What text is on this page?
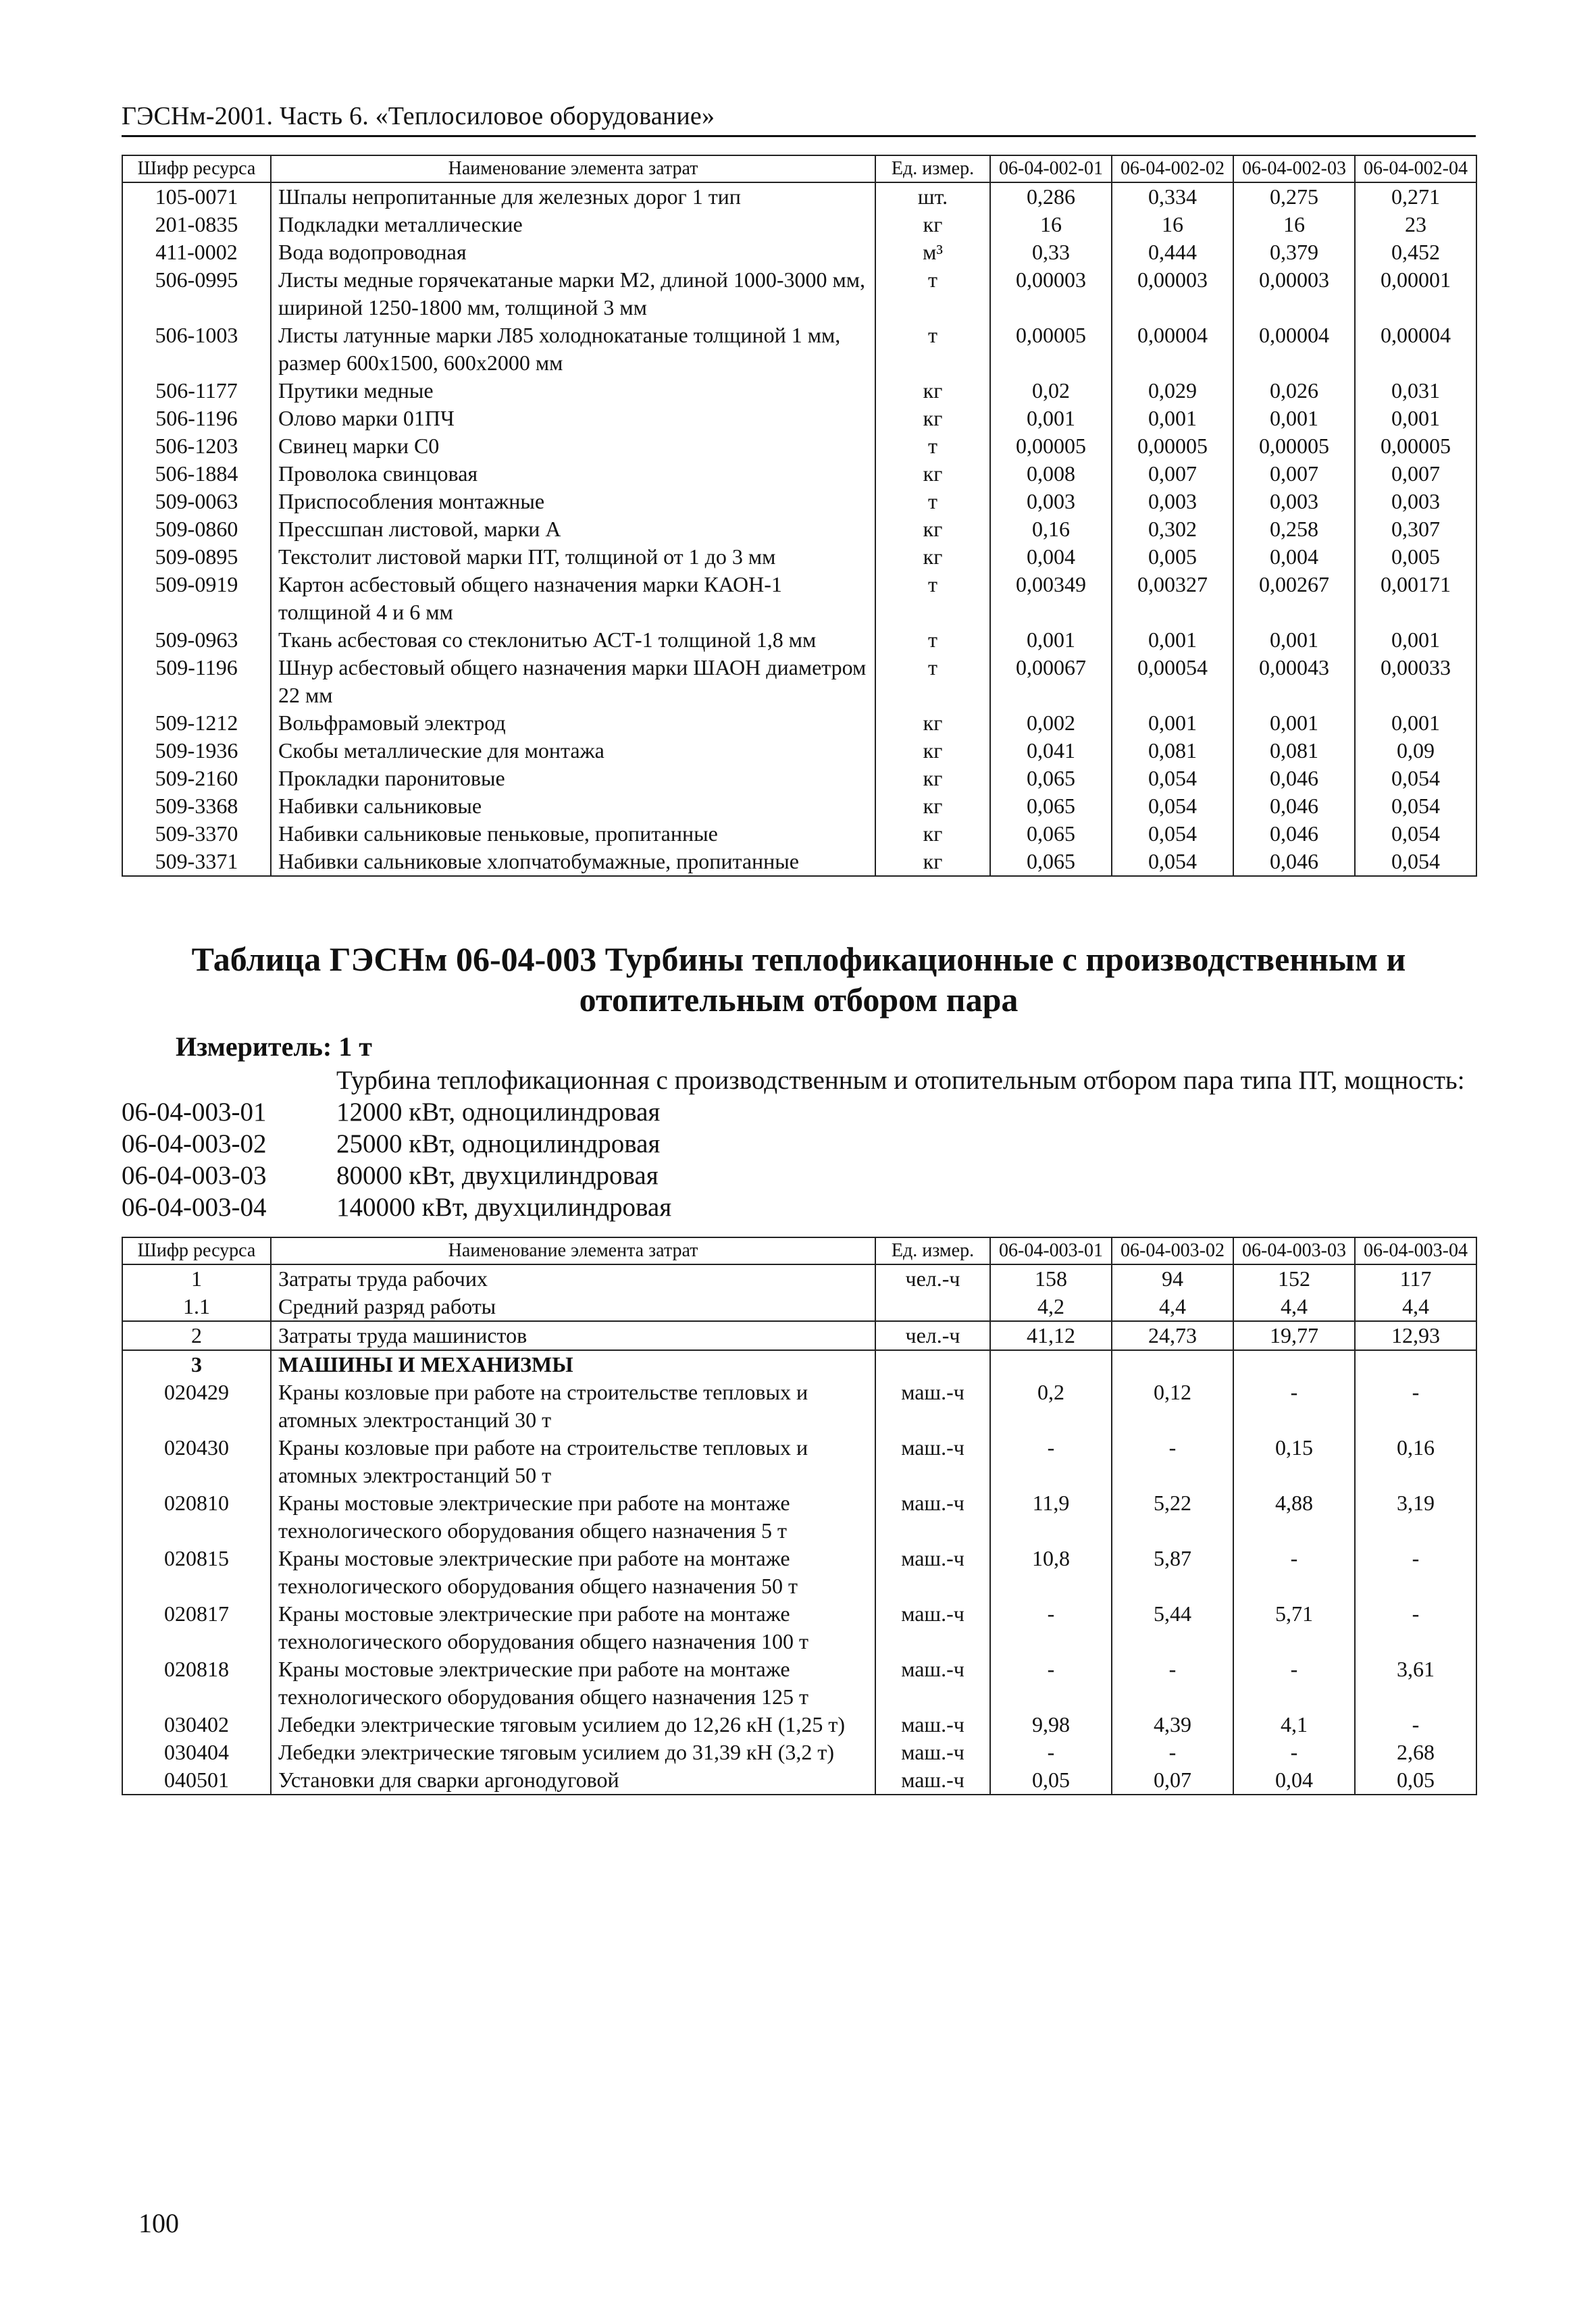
ГЭСНм-2001. Часть 6. «Теплосиловое оборудование»
Шифр ресурса	Наименование элемента затрат	Ед. измер.	06-04-002-01	06-04-002-02	06-04-002-03	06-04-002-04
105-0071	Шпалы непропитанные для железных дорог 1 тип	шт.	0,286	0,334	0,275	0,271
201-0835	Подкладки металлические	кг	16	16	16	23
411-0002	Вода водопроводная	м³	0,33	0,444	0,379	0,452
506-0995	Листы медные горячекатаные марки М2, длиной 1000-3000 мм, шириной 1250-1800 мм, толщиной 3 мм	т	0,00003	0,00003	0,00003	0,00001
506-1003	Листы латунные марки Л85 холоднокатаные толщиной 1 мм, размер 600х1500, 600х2000 мм	т	0,00005	0,00004	0,00004	0,00004
506-1177	Прутики медные	кг	0,02	0,029	0,026	0,031
506-1196	Олово марки 01ПЧ	кг	0,001	0,001	0,001	0,001
506-1203	Свинец марки С0	т	0,00005	0,00005	0,00005	0,00005
506-1884	Проволока свинцовая	кг	0,008	0,007	0,007	0,007
509-0063	Приспособления монтажные	т	0,003	0,003	0,003	0,003
509-0860	Прессшпан листовой, марки А	кг	0,16	0,302	0,258	0,307
509-0895	Текстолит листовой марки ПТ, толщиной от 1 до 3 мм	кг	0,004	0,005	0,004	0,005
509-0919	Картон асбестовый общего назначения марки КАОН-1 толщиной 4 и 6 мм	т	0,00349	0,00327	0,00267	0,00171
509-0963	Ткань асбестовая со стеклонитью АСТ-1 толщиной 1,8 мм	т	0,001	0,001	0,001	0,001
509-1196	Шнур асбестовый общего назначения марки ШАОН диаметром 22 мм	т	0,00067	0,00054	0,00043	0,00033
509-1212	Вольфрамовый электрод	кг	0,002	0,001	0,001	0,001
509-1936	Скобы металлические для монтажа	кг	0,041	0,081	0,081	0,09
509-2160	Прокладки паронитовые	кг	0,065	0,054	0,046	0,054
509-3368	Набивки сальниковые	кг	0,065	0,054	0,046	0,054
509-3370	Набивки сальниковые пеньковые, пропитанные	кг	0,065	0,054	0,046	0,054
509-3371	Набивки сальниковые хлопчатобумажные, пропитанные	кг	0,065	0,054	0,046	0,054
Таблица ГЭСНм 06-04-003 Турбины теплофикационные с производственным и отопительным отбором пара
Измеритель: 1 т
Турбина теплофикационная с производственным и отопительным отбором пара типа ПТ, мощность:
06-04-003-01	12000 кВт, одноцилиндровая
06-04-003-02	25000 кВт, одноцилиндровая
06-04-003-03	80000 кВт, двухцилиндровая
06-04-003-04	140000 кВт, двухцилиндровая
Шифр ресурса	Наименование элемента затрат	Ед. измер.	06-04-003-01	06-04-003-02	06-04-003-03	06-04-003-04
1	Затраты труда рабочих	чел.-ч	158	94	152	117
1.1	Средний разряд работы		4,2	4,4	4,4	4,4
2	Затраты труда машинистов	чел.-ч	41,12	24,73	19,77	12,93
3	МАШИНЫ И МЕХАНИЗМЫ					
020429	Краны козловые при работе на строительстве тепловых и атомных электростанций 30 т	маш.-ч	0,2	0,12	-	-
020430	Краны козловые при работе на строительстве тепловых и атомных электростанций 50 т	маш.-ч	-	-	0,15	0,16
020810	Краны мостовые электрические при работе на монтаже технологического оборудования общего назначения 5 т	маш.-ч	11,9	5,22	4,88	3,19
020815	Краны мостовые электрические при работе на монтаже технологического оборудования общего назначения 50 т	маш.-ч	10,8	5,87	-	-
020817	Краны мостовые электрические при работе на монтаже технологического оборудования общего назначения 100 т	маш.-ч	-	5,44	5,71	-
020818	Краны мостовые электрические при работе на монтаже технологического оборудования общего назначения 125 т	маш.-ч	-	-	-	3,61
030402	Лебедки электрические тяговым усилием до 12,26 кН (1,25 т)	маш.-ч	9,98	4,39	4,1	-
030404	Лебедки электрические тяговым усилием до 31,39 кН (3,2 т)	маш.-ч	-	-	-	2,68
040501	Установки для сварки аргонодуговой	маш.-ч	0,05	0,07	0,04	0,05
100
